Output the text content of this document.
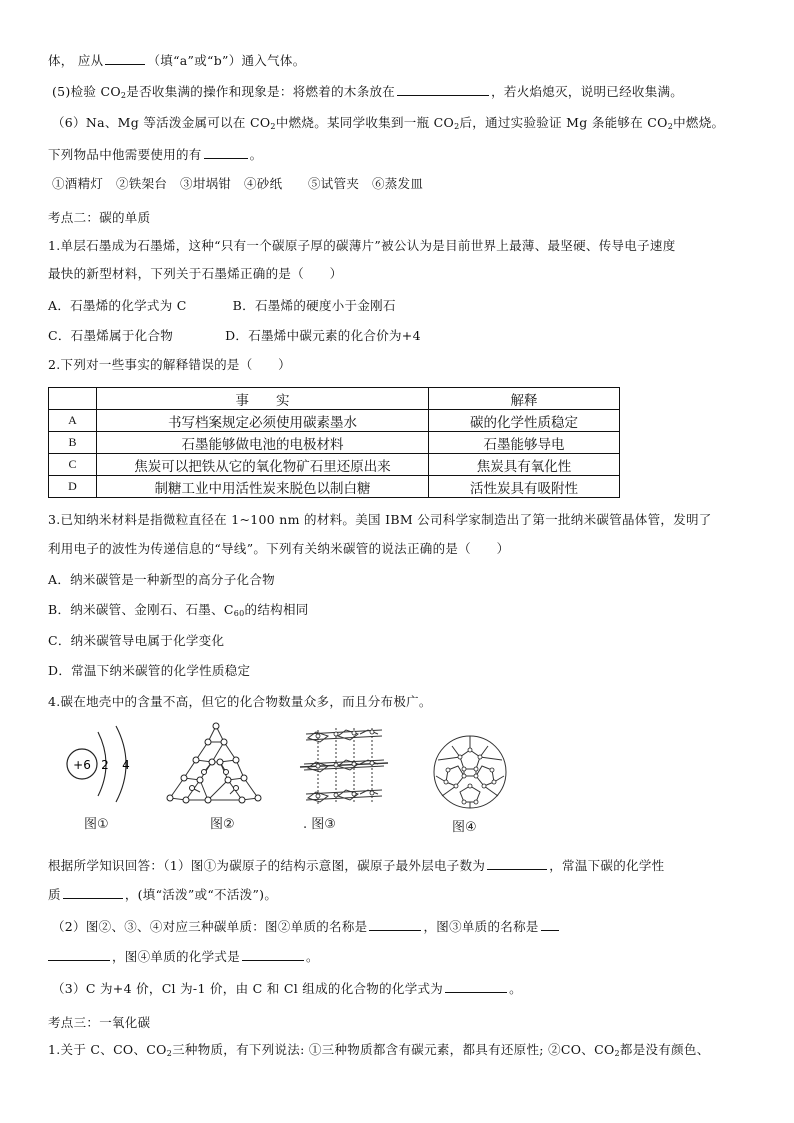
体， 应从	（填“a”或“b”）通入气体。
(5)检验 $CO_2$是否收集满的操作和现象是：将燃着的木条放在	，若火焰熄灭，说明已经收集满。
（6）Na、Mg 等活泼金属可以在 $CO_2$中燃烧。某同学收集到一瓶 $CO_2$后，通过实验验证 Mg 条能够在 $CO_2$中燃烧。
下列物品中他需要使用的有	。
①酒精灯　②铁架台　③坩埚钳　④砂纸　　⑤试管夹　⑥蒸发皿
考点二：碳的单质
1.单层石墨成为石墨烯，这种“只有一个碳原子厚的碳薄片”被公认为是目前世界上最薄、最坚硬、传导电子速度
最快的新型材料，下列关于石墨烯正确的是（　　）
A．石墨烯的化学式为 C	B．石墨烯的硬度小于金刚石
C．石墨烯属于化合物	D．石墨烯中碳元素的化合价为+4
2.下列对一些事实的解释错误的是（　　）
	事　　实	解释
A	书写档案规定必须使用碳素墨水	碳的化学性质稳定
B	石墨能够做电池的电极材料	石墨能够导电
C	焦炭可以把铁从它的氧化物矿石里还原出来	焦炭具有氧化性
D	制糖工业中用活性炭来脱色以制白糖	活性炭具有吸附性
3.已知纳米材料是指微粒直径在 1~100 nm 的材料。美国 IBM 公司科学家制造出了第一批纳米碳管晶体管，发明了
利用电子的波性为传递信息的“导线”。下列有关纳米碳管的说法正确的是（　　）
A．纳米碳管是一种新型的高分子化合物
B．纳米碳管、金刚石、石墨、$C_{60}$的结构相同
C．纳米碳管导电属于化学变化
D．常温下纳米碳管的化学性质稳定
4.碳在地壳中的含量不高，但它的化合物数量众多，而且分布极广。
+6 2 4
图①	图②	. 图③	图④
根据所学知识回答：（1）图①为碳原子的结构示意图，碳原子最外层电子数为	，常温下碳的化学性
质	，(填“活泼”或“不活泼”)。
（2）图②、③、④对应三种碳单质：图②单质的名称是	，图③单质的名称是
，图④单质的化学式是	。
（3）C 为+4 价，Cl 为-1 价，由 C 和 Cl 组成的化合物的化学式为	。
考点三：一氧化碳
1.关于 C、CO、$CO_2$三种物质，有下列说法: ①三种物质都含有碳元素，都具有还原性; ②CO、$CO_2$都是没有颜色、
